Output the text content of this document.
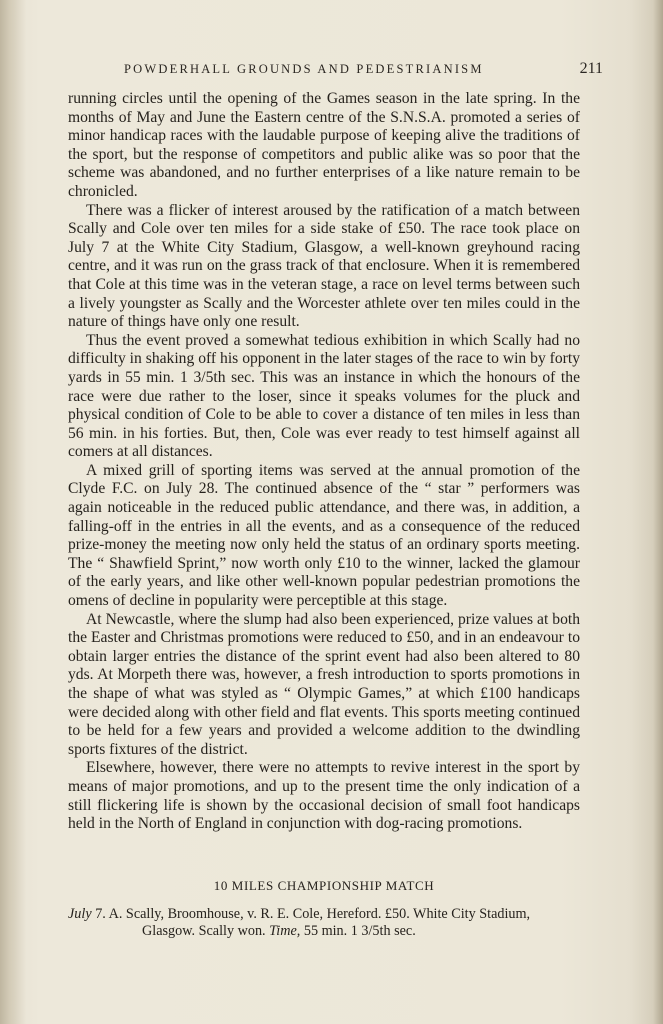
POWDERHALL GROUNDS AND PEDESTRIANISM	211

running circles until the opening of the Games season in the late spring. In the months of May and June the Eastern centre of the S.N.S.A. promoted a series of minor handicap races with the laudable purpose of keeping alive the traditions of the sport, but the response of competitors and public alike was so poor that the scheme was abandoned, and no further enterprises of a like nature remain to be chronicled.

There was a flicker of interest aroused by the ratification of a match between Scally and Cole over ten miles for a side stake of £50. The race took place on July 7 at the White City Stadium, Glasgow, a well-known greyhound racing centre, and it was run on the grass track of that enclosure. When it is remembered that Cole at this time was in the veteran stage, a race on level terms between such a lively youngster as Scally and the Worcester athlete over ten miles could in the nature of things have only one result.

Thus the event proved a somewhat tedious exhibition in which Scally had no difficulty in shaking off his opponent in the later stages of the race to win by forty yards in 55 min. 1 3/5th sec. This was an instance in which the honours of the race were due rather to the loser, since it speaks volumes for the pluck and physical condition of Cole to be able to cover a distance of ten miles in less than 56 min. in his forties. But, then, Cole was ever ready to test himself against all comers at all distances.

A mixed grill of sporting items was served at the annual promotion of the Clyde F.C. on July 28. The continued absence of the “ star ” performers was again noticeable in the reduced public attendance, and there was, in addition, a falling-off in the entries in all the events, and as a consequence of the reduced prize-money the meeting now only held the status of an ordinary sports meeting. The “ Shawfield Sprint,” now worth only £10 to the winner, lacked the glamour of the early years, and like other well-known popular pedestrian promotions the omens of decline in popularity were perceptible at this stage.

At Newcastle, where the slump had also been experienced, prize values at both the Easter and Christmas promotions were reduced to £50, and in an endeavour to obtain larger entries the distance of the sprint event had also been altered to 80 yds. At Morpeth there was, however, a fresh introduction to sports promotions in the shape of what was styled as “ Olympic Games,” at which £100 handicaps were decided along with other field and flat events. This sports meeting continued to be held for a few years and provided a welcome addition to the dwindling sports fixtures of the district.

Elsewhere, however, there were no attempts to revive interest in the sport by means of major promotions, and up to the present time the only indication of a still flickering life is shown by the occasional decision of small foot handicaps held in the North of England in conjunction with dog-racing promotions.

10 MILES CHAMPIONSHIP MATCH
July 7. A. Scally, Broomhouse, v. R. E. Cole, Hereford. £50. White City Stadium,
Glasgow. Scally won. Time, 55 min. 1 3/5th sec.
